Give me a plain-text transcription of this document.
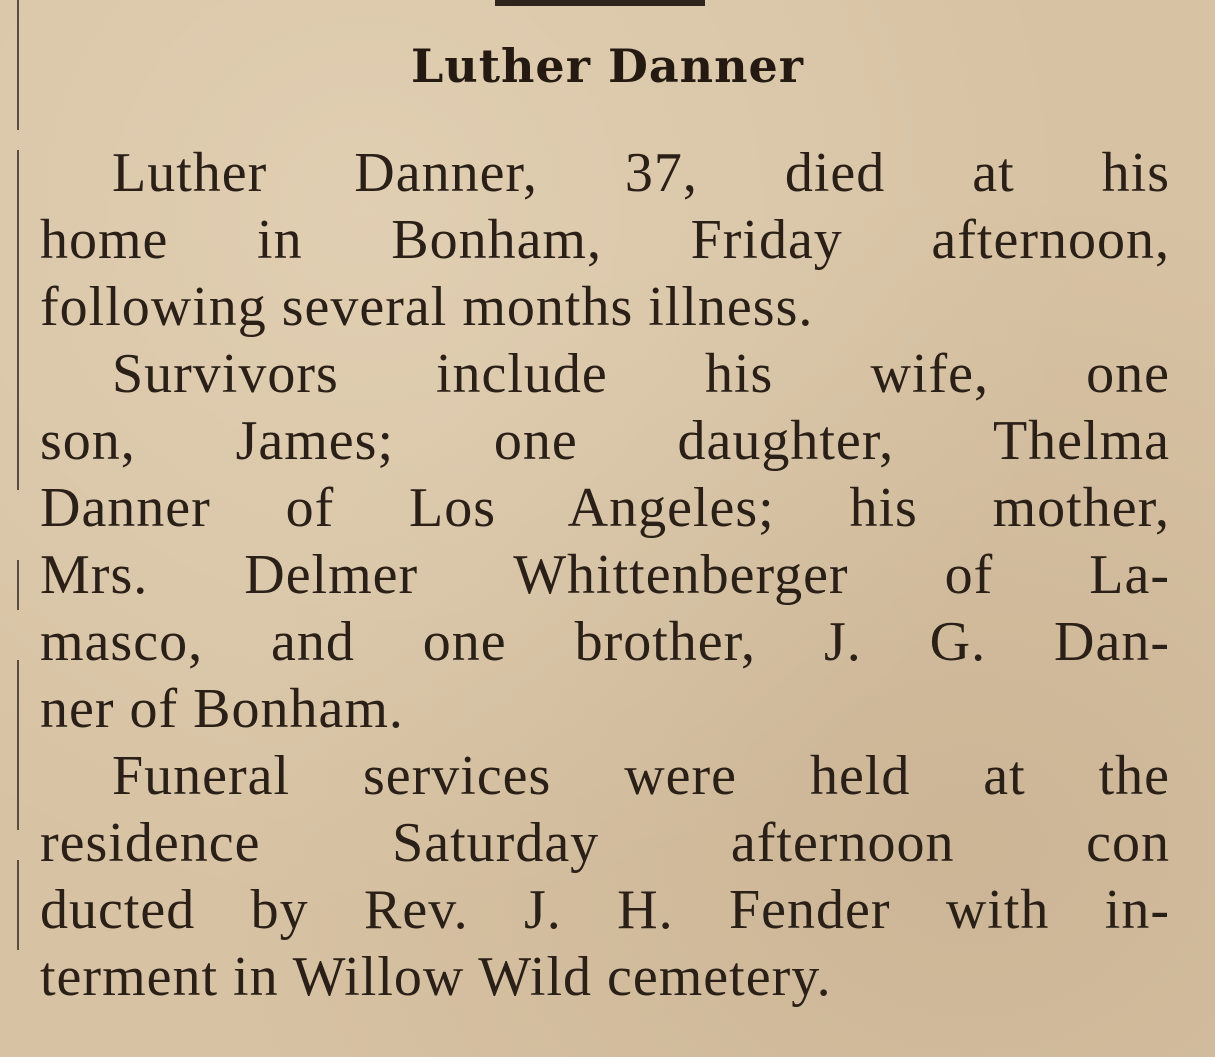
Luther Danner
Luther Danner, 37, died at his
home in Bonham, Friday afternoon,
following several months illness.
Survivors include his wife, one
son, James; one daughter, Thelma
Danner of Los Angeles; his mother,
Mrs. Delmer Whittenberger of La-
masco, and one brother, J. G. Dan-
ner of Bonham.
Funeral services were held at the
residence Saturday afternoon con
ducted by Rev. J. H. Fender with in-
terment in Willow Wild cemetery.
